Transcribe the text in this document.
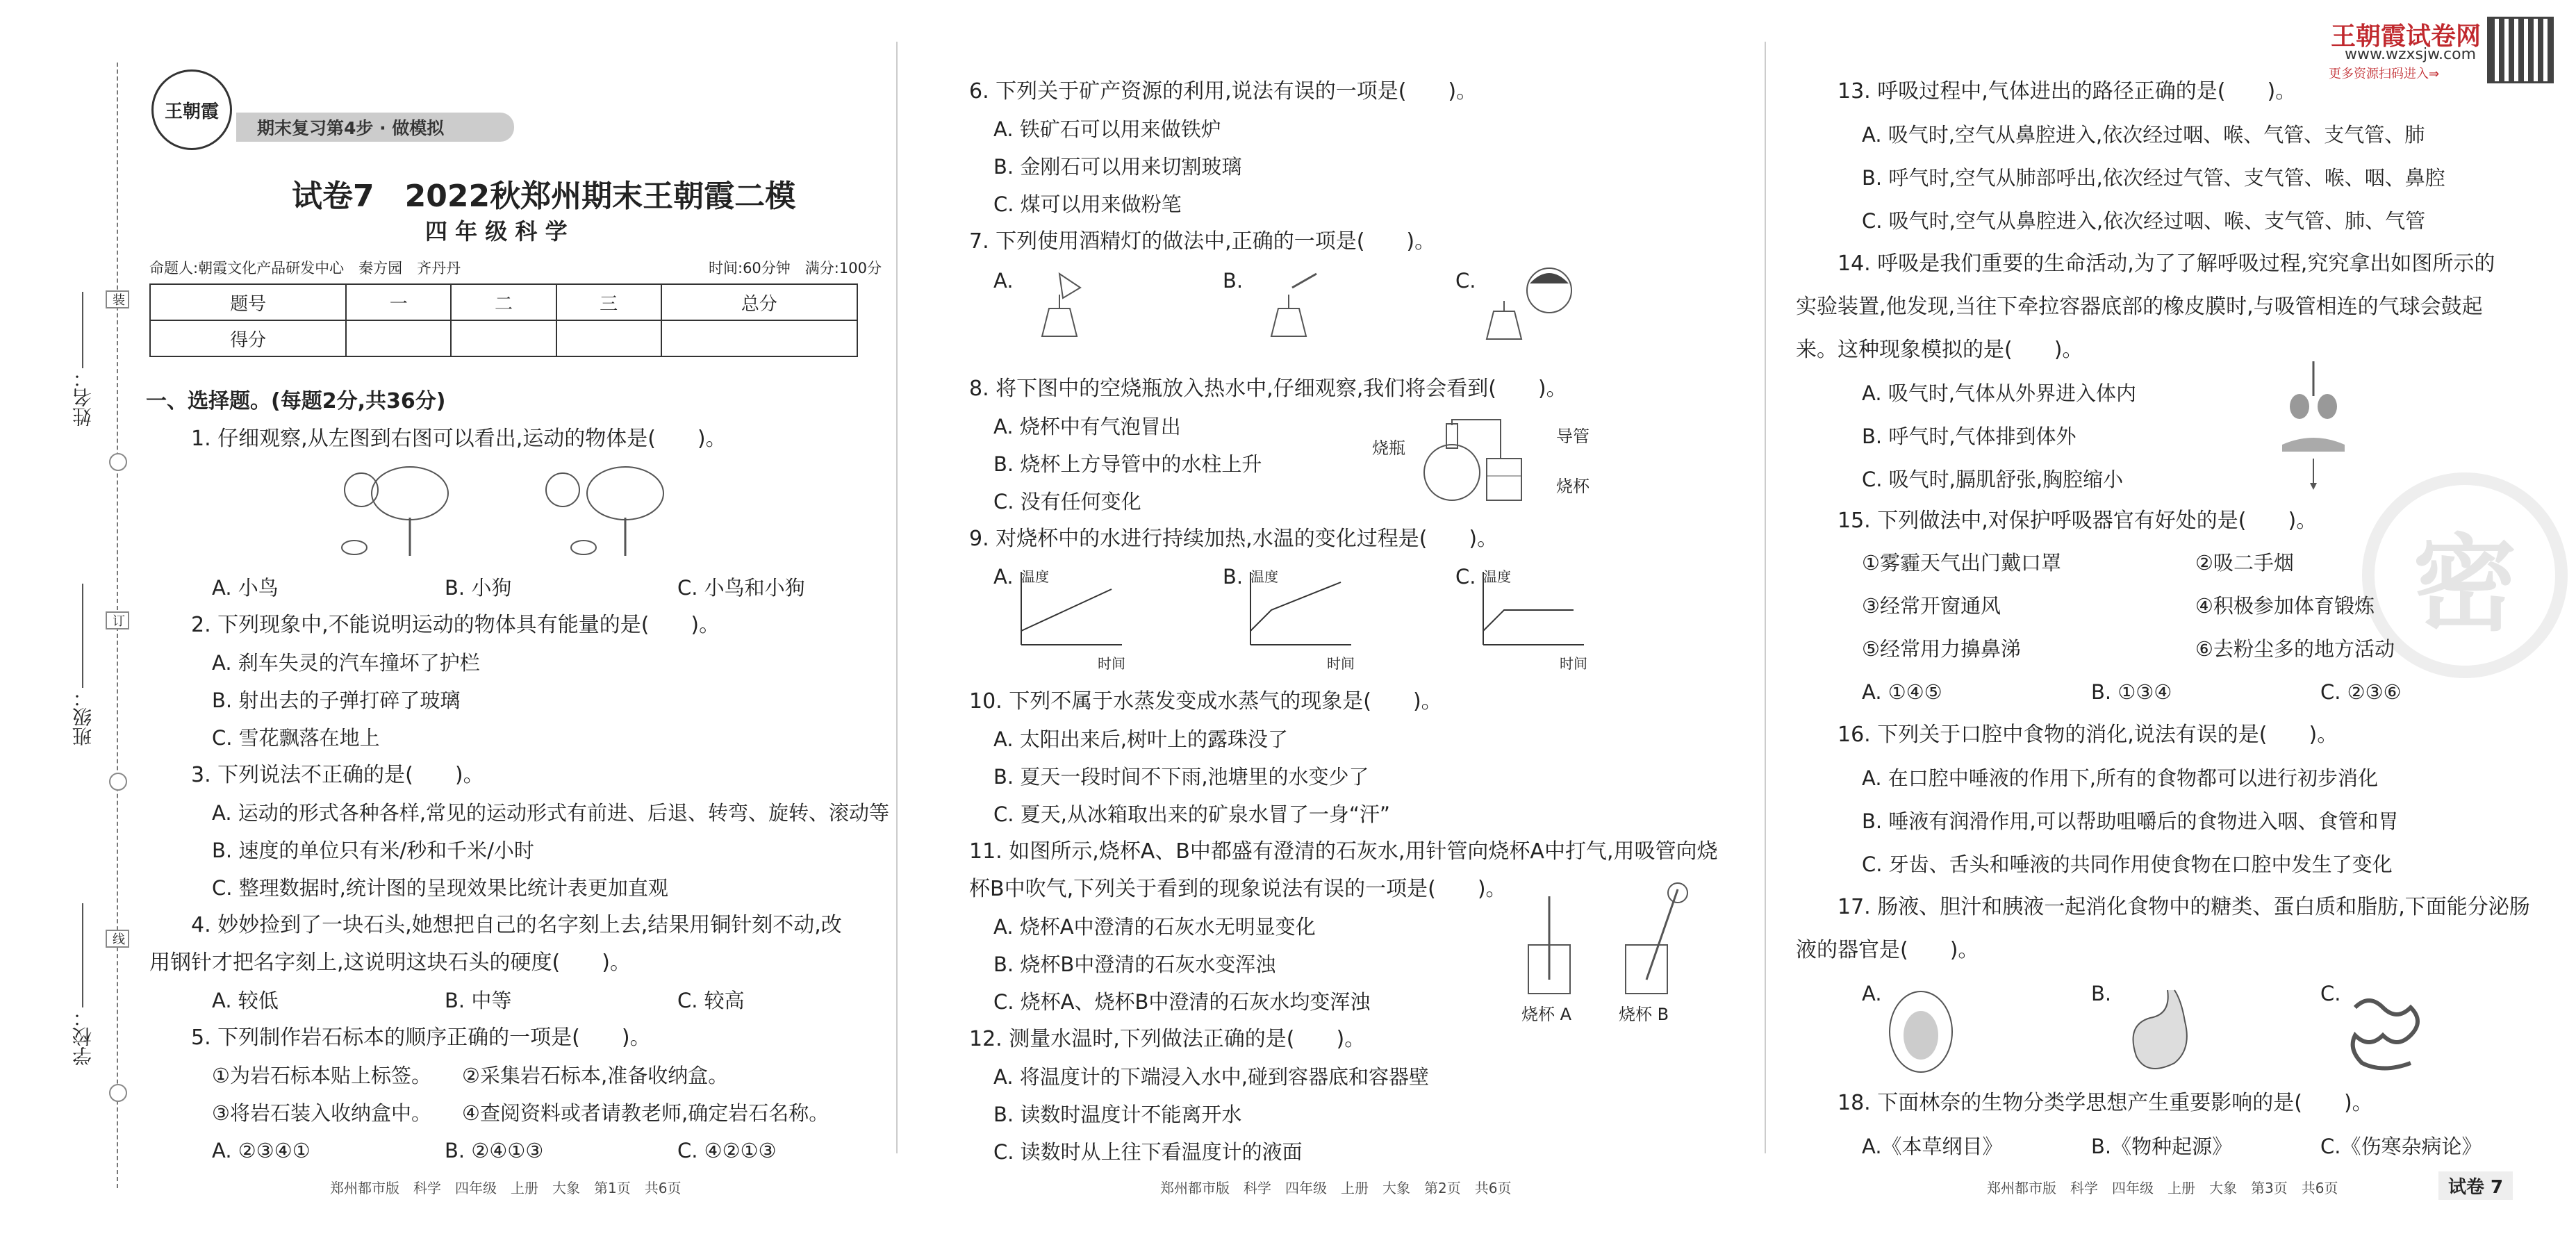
装
订
线
姓名：
班级：
学校：
王朝霞
期末复习第4步 · 做模拟
试卷7　2022秋郑州期末王朝霞二模
四 年 级 科 学
命题人:朝霞文化产品研发中心　秦方园　齐丹丹	时间:60分钟　满分:100分
题号	一	二	三	总分
得分				
王朝霞试卷网
www.wzxsjw.com
更多资源扫码进入⇒
密
一、选择题。(每题2分,共36分)
1. 仔细观察,从左图到右图可以看出,运动的物体是(　　)。
A. 小鸟	B. 小狗	C. 小鸟和小狗
2. 下列现象中,不能说明运动的物体具有能量的是(　　)。
A. 刹车失灵的汽车撞坏了护栏
B. 射出去的子弹打碎了玻璃
C. 雪花飘落在地上
3. 下列说法不正确的是(　　)。
A. 运动的形式各种各样,常见的运动形式有前进、后退、转弯、旋转、滚动等
B. 速度的单位只有米/秒和千米/小时
C. 整理数据时,统计图的呈现效果比统计表更加直观
4. 妙妙捡到了一块石头,她想把自己的名字刻上去,结果用铜针刻不动,改
用钢针才把名字刻上,这说明这块石头的硬度(　　)。
A. 较低	B. 中等	C. 较高
5. 下列制作岩石标本的顺序正确的一项是(　　)。
①为岩石标本贴上标签。 ②采集岩石标本,准备收纳盒。
③将岩石装入收纳盒中。 ④查阅资料或者请教老师,确定岩石名称。
A. ②③④①	B. ②④①③	C. ④②①③
郑州都市版　科学　四年级　上册　大象　第1页　共6页
6. 下列关于矿产资源的利用,说法有误的一项是(　　)。
A. 铁矿石可以用来做铁炉
B. 金刚石可以用来切割玻璃
C. 煤可以用来做粉笔
7. 下列使用酒精灯的做法中,正确的一项是(　　)。
A.	B.	C.
8. 将下图中的空烧瓶放入热水中,仔细观察,我们将会看到(　　)。
A. 烧杯中有气泡冒出
B. 烧杯上方导管中的水柱上升
C. 没有任何变化
烧瓶
导管
烧杯
9. 对烧杯中的水进行持续加热,水温的变化过程是(　　)。
A.	B.	C.
温度
时间
温度
时间
温度
时间
10. 下列不属于水蒸发变成水蒸气的现象是(　　)。
A. 太阳出来后,树叶上的露珠没了
B. 夏天一段时间不下雨,池塘里的水变少了
C. 夏天,从冰箱取出来的矿泉水冒了一身“汗”
11. 如图所示,烧杯A、B中都盛有澄清的石灰水,用针管向烧杯A中打气,用吸管向烧
杯B中吹气,下列关于看到的现象说法有误的一项是(　　)。
A. 烧杯A中澄清的石灰水无明显变化
B. 烧杯B中澄清的石灰水变浑浊
C. 烧杯A、烧杯B中澄清的石灰水均变浑浊
烧杯 A	烧杯 B
12. 测量水温时,下列做法正确的是(　　)。
A. 将温度计的下端浸入水中,碰到容器底和容器壁
B. 读数时温度计不能离开水
C. 读数时从上往下看温度计的液面
郑州都市版　科学　四年级　上册　大象　第2页　共6页
13. 呼吸过程中,气体进出的路径正确的是(　　)。
A. 吸气时,空气从鼻腔进入,依次经过咽、喉、气管、支气管、肺
B. 呼气时,空气从肺部呼出,依次经过气管、支气管、喉、咽、鼻腔
C. 吸气时,空气从鼻腔进入,依次经过咽、喉、支气管、肺、气管
14. 呼吸是我们重要的生命活动,为了了解呼吸过程,究究拿出如图所示的
实验装置,他发现,当往下牵拉容器底部的橡皮膜时,与吸管相连的气球会鼓起
来。这种现象模拟的是(　　)。
A. 吸气时,气体从外界进入体内
B. 呼气时,气体排到体外
C. 吸气时,膈肌舒张,胸腔缩小
15. 下列做法中,对保护呼吸器官有好处的是(　　)。
①雾霾天气出门戴口罩	②吸二手烟
③经常开窗通风	④积极参加体育锻炼
⑤经常用力擤鼻涕	⑥去粉尘多的地方活动
A. ①④⑤	B. ①③④	C. ②③⑥
16. 下列关于口腔中食物的消化,说法有误的是(　　)。
A. 在口腔中唾液的作用下,所有的食物都可以进行初步消化
B. 唾液有润滑作用,可以帮助咀嚼后的食物进入咽、食管和胃
C. 牙齿、舌头和唾液的共同作用使食物在口腔中发生了变化
17. 肠液、胆汁和胰液一起消化食物中的糖类、蛋白质和脂肪,下面能分泌肠
液的器官是(　　)。
A.	B.	C.
18. 下面林奈的生物分类学思想产生重要影响的是(　　)。
A.《本草纲目》	B.《物种起源》	C.《伤寒杂病论》
郑州都市版　科学　四年级　上册　大象　第3页　共6页	试卷 7
